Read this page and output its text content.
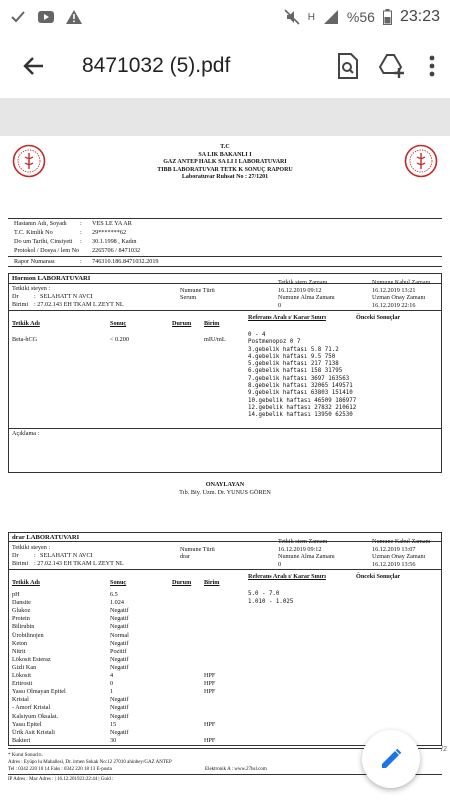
H %56 23:23
8471032 (5).pdf
T.C
SA LIK BAKANLI I
GAZ ANTEP HALK SA LI I LABORATUVARI
TIBB LABORATUVAR TETK K SONUÇ RAPORU
Laboratuvar Ruhsat No : 27/1201
Hastanın Adı, Soyadı : VES LE YA AR
T.C. Kimlik No	: 29*******62
Do um Tarihi, Cinsiyeti : 30.1.1998 , Kadın
Protokol / Dosya / lem No 2265706 / 8471032
Rapor Numarası	: 746310.186.8471032.2019
Hormon LABORATUVARI
Tetkiki steyen :
Dr : SELAHATT N AVCI
Birimi : 27.02.143 EH TKAM L ZEYT NL
Numune Türü
Serum
Tetkik stem Zamanı
16.12.2019 09:12
Numune Alma Zamanı
0
Numune Kabul Zamanı
16.12.2019 13:21
Uzman Onay Zamanı
16.12.2019 22:16
Tetkik Adı	Sonuç	Durum Birim
Referans Aralı ı/ Karar Sınırı	Önceki Sonuçlar
Beta-hCG	< 0.200	mIU/mL
0 - 4
Postmenopoz 0 7
3.gebelik haftası 5.8 71.2
4.gebelik haftası 9.5 750
5.gebelik haftası 217 7138
6.gebelik haftası 158 31795
7.gebelik haftası 3697 163563
8.gebelik haftası 32065 149571
9.gebelik haftası 63803 151410
10.gebelik haftası 46509 186977
12.gebelik haftası 27832 210612
14.gebelik haftası 13950 62530
Açıklama :
ONAYLAYAN
Tıb. Biy. Uzm. Dr. YUNUS GÖREN
drar LABORATUVARI
Tetkiki steyen :
Dr : SELAHATT N AVCI
Birimi : 27.02.143 EH TKAM L ZEYT NL
Numune Türü
drar
Tetkik stem Zamanı
16.12.2019 09:12
Numune Alma Zamanı
0
Numune Kabul Zamanı
16.12.2019 13:07
Uzman Onay Zamanı
16.12.2019 13:56
Tetkik Adı	Sonuç	Durum Birim
Referans Aralı ı/ Karar Sınırı	Önceki Sonuçlar
pH	6.5	5.0 - 7.0
Dansite	1.024	1.010 - 1.025
Glukoz	Negatif
Protein	Negatif
Bilirubin	Negatif
Ürobilinojen	Normal
Keton	Negatif
Nitrit	Pozitif
Lökosit Esteraz	Negatif
Gizli Kan	Negatif
Lökosit	4	HPF
Eritrosit	0	HPF
Yassı Olmayan Epitel	1	HPF
Kristal	Negatif
- Amorf Kristal	Negatif
Kalsiyum Oksalat.	Negatif
Yassı Epitel	15	HPF
Ürik Asit Kristali	Negatif
Bakteri	30	HPF
* Kurut Sonuclrı.
Adres : Eyüpo lu Mahallesi, Dr. irmen Sokak No:12 27010 ahinbey/GAZ ANTEP
Tel : 0342 220 10 14 Faks : 0342 220 18 13 E-posta	Elektronik A : www.27hsl.com
IP Adres : Mac Adres : | 16.12.201923:22:44 | Guid :
/2
